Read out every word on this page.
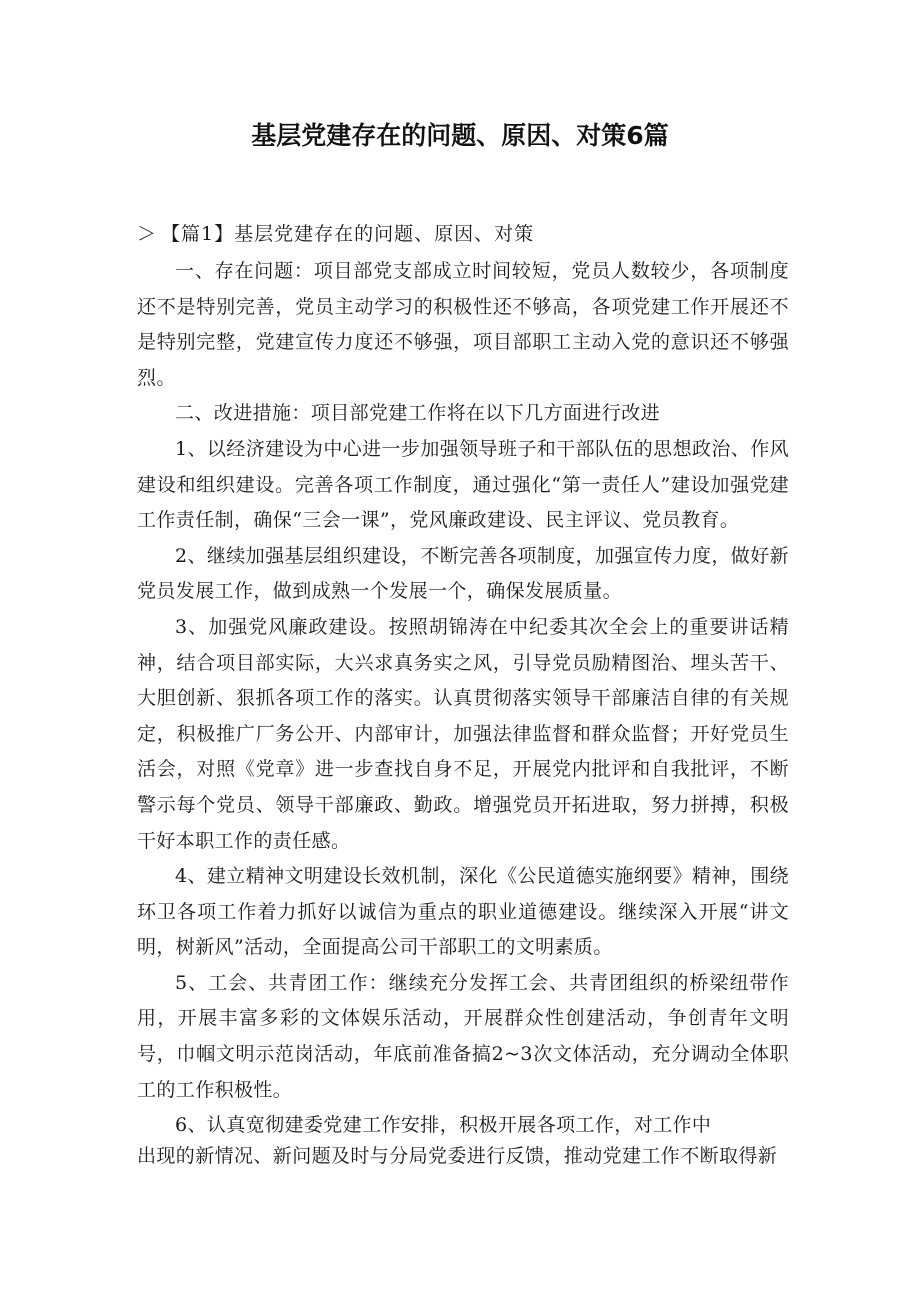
基层党建存在的问题、原因、对策6篇
＞ 【篇1】基层党建存在的问题、原因、对策

一、存在问题：项目部党支部成立时间较短，党员人数较少，各项制度还不是特别完善，党员主动学习的积极性还不够高，各项党建工作开展还不是特别完整，党建宣传力度还不够强，项目部职工主动入党的意识还不够强烈。

二、改进措施：项目部党建工作将在以下几方面进行改进

1、以经济建设为中心进一步加强领导班子和干部队伍的思想政治、作风建设和组织建设。完善各项工作制度，通过强化“第一责任人”建设加强党建工作责任制，确保“三会一课”，党风廉政建设、民主评议、党员教育。

2、继续加强基层组织建设，不断完善各项制度，加强宣传力度，做好新党员发展工作，做到成熟一个发展一个，确保发展质量。

3、加强党风廉政建设。按照胡锦涛在中纪委其次全会上的重要讲话精神，结合项目部实际，大兴求真务实之风，引导党员励精图治、埋头苦干、大胆创新、狠抓各项工作的落实。认真贯彻落实领导干部廉洁自律的有关规定，积极推广厂务公开、内部审计，加强法律监督和群众监督；开好党员生活会，对照《党章》进一步查找自身不足，开展党内批评和自我批评，不断警示每个党员、领导干部廉政、勤政。增强党员开拓进取，努力拼搏，积极干好本职工作的责任感。

4、建立精神文明建设长效机制，深化《公民道德实施纲要》精神，围绕环卫各项工作着力抓好以诚信为重点的职业道德建设。继续深入开展“讲文明，树新风”活动，全面提高公司干部职工的文明素质。

5、工会、共青团工作：继续充分发挥工会、共青团组织的桥梁纽带作用，开展丰富多彩的文体娱乐活动，开展群众性创建活动，争创青年文明号，巾帼文明示范岗活动，年底前准备搞2~3次文体活动，充分调动全体职工的工作积极性。

6、认真宽彻建委党建工作安排，积极开展各项工作，对工作中

出现的新情况、新问题及时与分局党委进行反馈，推动党建工作不断取得新
